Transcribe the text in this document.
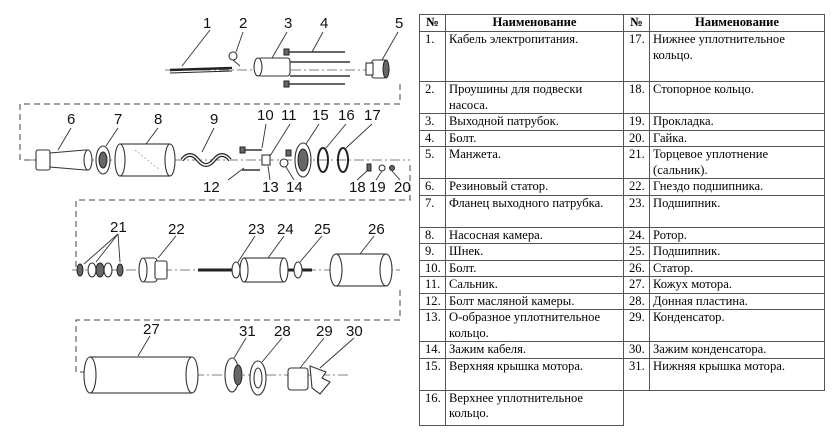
1 2 3 4	5
6	7 8	9	10 11
12	13 14
15 16 17
18 19 20
21	22	23 24 25 26
27	31 28 29 30
№	Наименование	№	Наименование
1.	Кабель электропитания.	17.	Нижнее уплотнительное кольцо.
2.	Проушины для подвески насоса.	18.	Стопорное кольцо.
3.	Выходной патрубок.	19.	Прокладка.
4.	Болт.	20.	Гайка.
5.	Манжета.	21.	Торцевое уплотнение (сальник).
6.	Резиновый статор.	22.	Гнездо подшипника.
7.	Фланец выходного патрубка.	23.	Подшипник.
8.	Насосная камера.	24.	Ротор.
9.	Шнек.	25.	Подшипник.
10.	Болт.	26.	Статор.
11.	Сальник.	27.	Кожух мотора.
12.	Болт масляной камеры.	28.	Донная пластина.
13.	О-образное уплотнительное кольцо.	29.	Конденсатор.
14.	Зажим кабеля.	30.	Зажим конденсатора.
15.	Верхняя крышка мотора.	31.	Нижняя крышка мотора.
16.	Верхнее уплотнительное кольцо.		
